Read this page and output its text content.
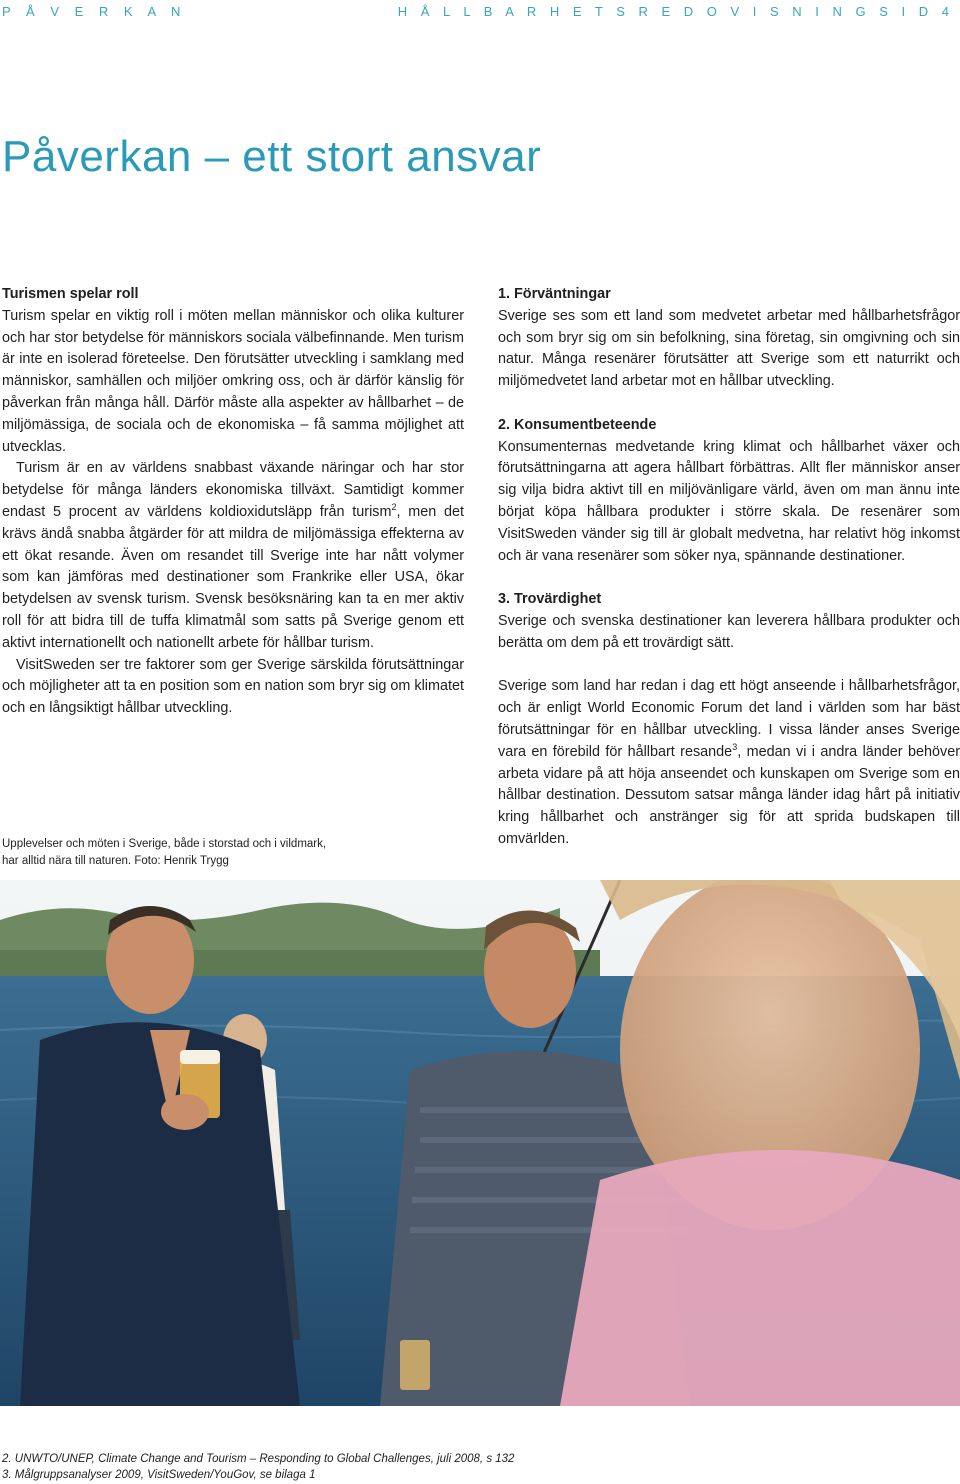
P Å V E R K A N	H Å L L B A R H E T S R E D O V I S N I N G S I D 4
Påverkan – ett stort ansvar
Turismen spelar roll

Turism spelar en viktig roll i möten mellan människor och olika kulturer och har stor betydelse för människors sociala välbefinnande. Men turism är inte en isolerad företeelse. Den förutsätter utveckling i samklang med människor, samhällen och miljöer omkring oss, och är därför känslig för påverkan från många håll. Därför måste alla aspekter av hållbarhet – de miljömässiga, de sociala och de ekonomiska – få samma möjlighet att utvecklas.

Turism är en av världens snabbast växande näringar och har stor betydelse för många länders ekonomiska tillväxt. Samtidigt kommer endast 5 procent av världens koldioxidutsläpp från turism$^2$, men det krävs ändå snabba åtgärder för att mildra de miljömässiga effekterna av ett ökat resande. Även om resandet till Sverige inte har nått volymer som kan jämföras med destinationer som Frankrike eller USA, ökar betydelsen av svensk turism. Svensk besöksnäring kan ta en mer aktiv roll för att bidra till de tuffa klimatmål som satts på Sverige genom ett aktivt internationellt och nationellt arbete för hållbar turism.

VisitSweden ser tre faktorer som ger Sverige särskilda förutsättningar och möjligheter att ta en position som en nation som bryr sig om klimatet och en långsiktigt hållbar utveckling.

1. Förväntningar

Sverige ses som ett land som medvetet arbetar med hållbarhetsfrågor och som bryr sig om sin befolkning, sina företag, sin omgivning och sin natur. Många resenärer förutsätter att Sverige som ett naturrikt och miljömedvetet land arbetar mot en hållbar utveckling.

2. Konsumentbeteende

Konsumenternas medvetande kring klimat och hållbarhet växer och förutsättningarna att agera hållbart förbättras. Allt fler människor anser sig vilja bidra aktivt till en miljövänligare värld, även om man ännu inte börjat köpa hållbara produkter i större skala. De resenärer som VisitSweden vänder sig till är globalt medvetna, har relativt hög inkomst och är vana resenärer som söker nya, spännande destinationer.

3. Trovärdighet

Sverige och svenska destinationer kan leverera hållbara produkter och berätta om dem på ett trovärdigt sätt.

Sverige som land har redan i dag ett högt anseende i hållbarhetsfrågor, och är enligt World Economic Forum det land i världen som har bäst förutsättningar för en hållbar utveckling. I vissa länder anses Sverige vara en förebild för hållbart resande$^3$, medan vi i andra länder behöver arbeta vidare på att höja anseendet och kunskapen om Sverige som en hållbar destination. Dessutom satsar många länder idag hårt på initiativ kring hållbarhet och anstränger sig för att sprida budskapen till omvärlden.

Upplevelser och möten i Sverige, både i storstad och i vildmark,
har alltid nära till naturen. Foto: Henrik Trygg
2. UNWTO/UNEP, Climate Change and Tourism – Responding to Global Challenges, juli 2008, s 132
3. Målgruppsanalyser 2009, VisitSweden/YouGov, se bilaga 1
